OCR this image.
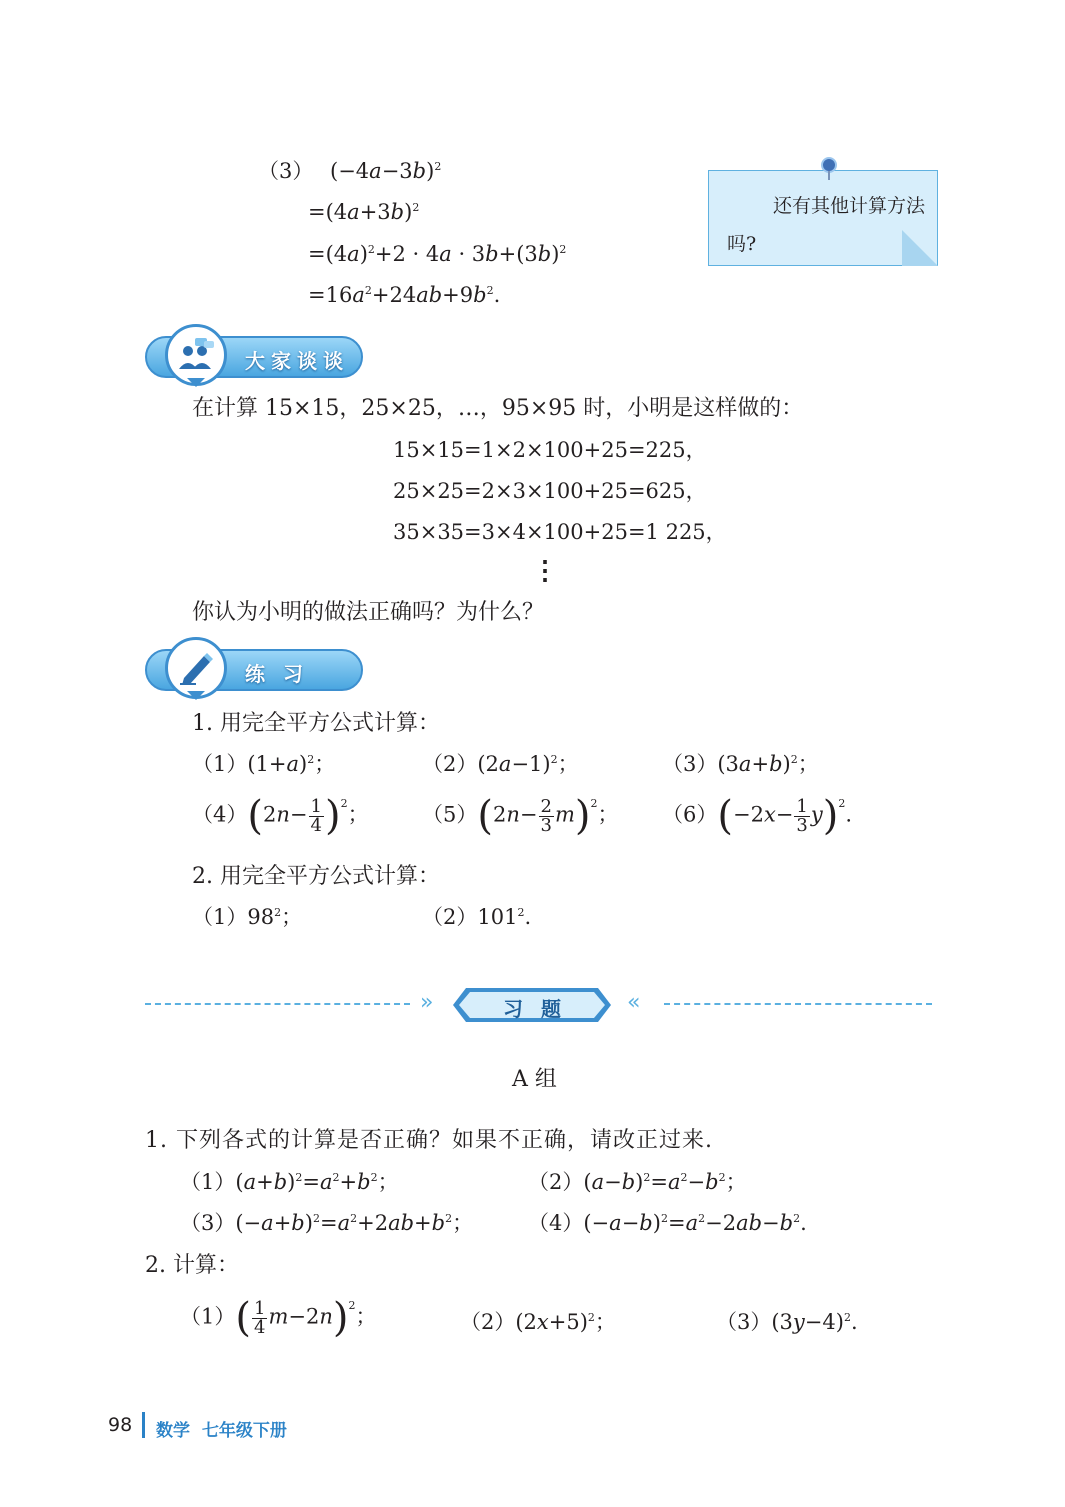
（3） $(-4a-3b)^2$
$=(4a+3b)^2$
$=(4a)^2+2 \cdot 4a \cdot 3b+(3b)^2$
$=16a^2+24ab+9b^2$.
还有其他计算方法吗?
大家谈谈
在计算 15×15，25×25，…，95×95 时，小明是这样做的：
15×15=1×2×100+25=225，
25×25=2×3×100+25=625，
35×35=3×4×100+25=1 225，
⋮
你认为小明的做法正确吗？为什么？
练习
1. 用完全平方公式计算：
$(1)(1+a)^2$；	$(2)(2a-1)^2$；	$(3)(3a+b)^2$；
$(4)(2n- \frac{1}{4} )^2$；	$(5)(2n- \frac{2}{3} m)^2$； $(6)(-2x- \frac{1}{3} y)^2$.
2. 用完全平方公式计算：
$(1)98^2$；	$(2)101^2$.
»	习题	«
A 组
1. 下列各式的计算是否正确？如果不正确，请改正过来.
$(1)(a+b)^2=a^2+b^2$；	$(2)(a-b)^2=a^2-b^2$；
$(3)(-a+b)^2=a^2+2ab+b^2$；	$(4)(-a-b)^2=a^2-2ab-b^2$.
2. 计算：
$(1)( \frac{1}{4} m-2n)^2$；	$(2)(2x+5)^2$；	$(3)(3y-4)^2$.
98 数学  七年级下册
